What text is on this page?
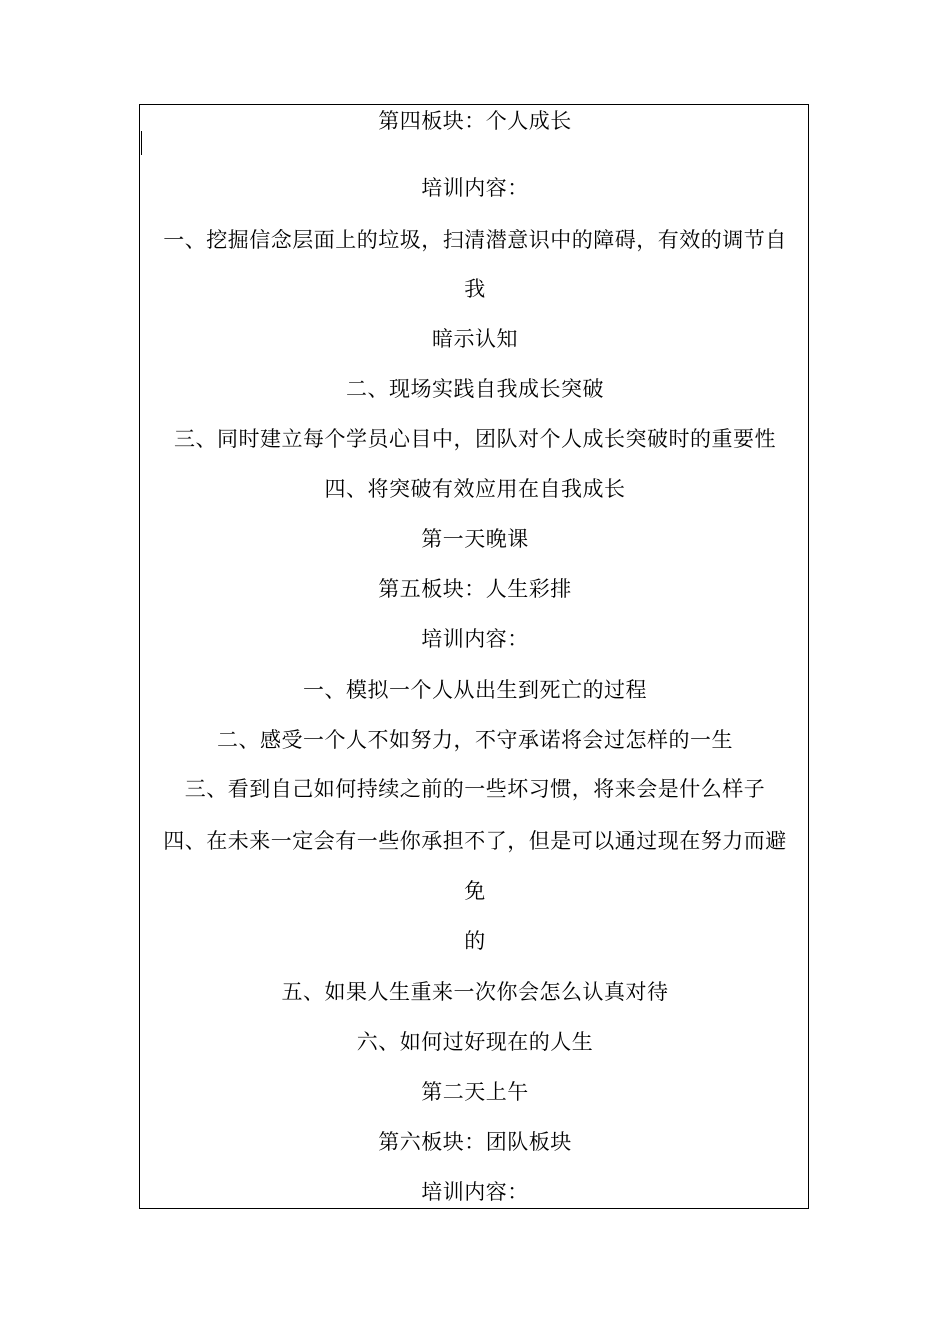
第四板块：个人成长
培训内容：
一、挖掘信念层面上的垃圾，扫清潜意识中的障碍，有效的调节自
我
暗示认知
二、现场实践自我成长突破
三、同时建立每个学员心目中，团队对个人成长突破时的重要性
四、将突破有效应用在自我成长
第一天晚课
第五板块：人生彩排
培训内容：
一、模拟一个人从出生到死亡的过程
二、感受一个人不如努力，不守承诺将会过怎样的一生
三、看到自己如何持续之前的一些坏习惯，将来会是什么样子
四、在未来一定会有一些你承担不了，但是可以通过现在努力而避
免
的
五、如果人生重来一次你会怎么认真对待
六、如何过好现在的人生
第二天上午
第六板块：团队板块
培训内容：
